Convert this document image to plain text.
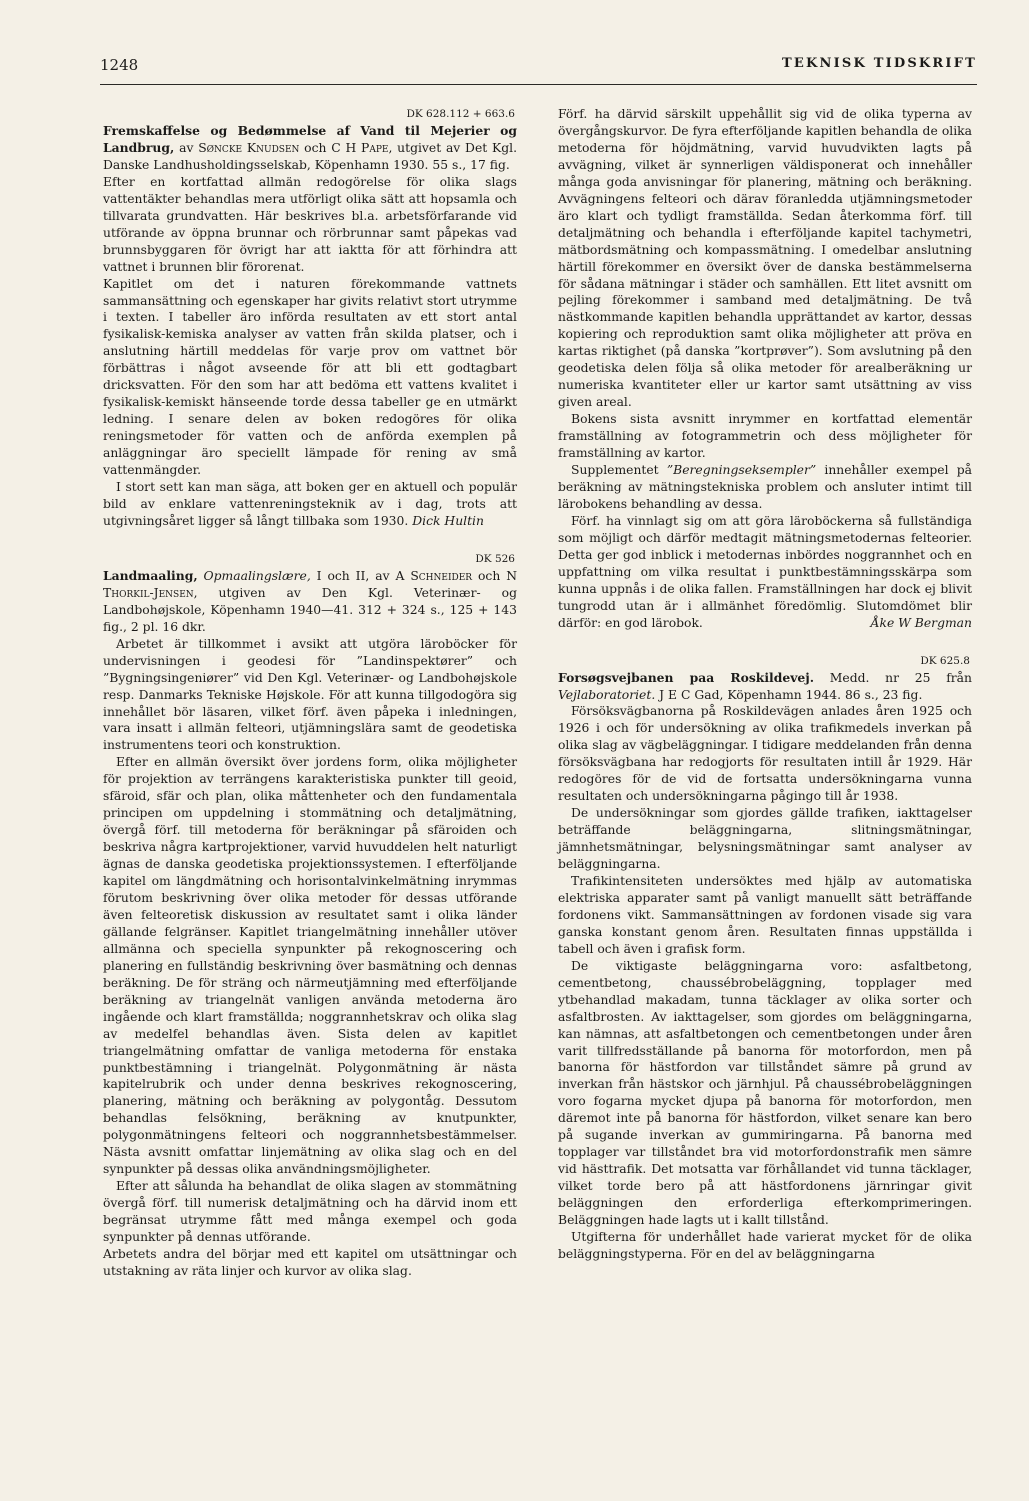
1248	TEKNISK TIDSKRIFT
DK 628.112 + 663.6

Fremskaffelse og Bedømmelse af Vand til Mejerier og Landbrug, av Søncke Knudsen och C H Pape, utgivet av Det Kgl. Danske Landhusholdingsselskab, Köpenhamn 1930. 55 s., 17 fig.

Efter en kortfattad allmän redogörelse för olika slags vattentäkter behandlas mera utförligt olika sätt att hopsamla och tillvarata grundvatten. Här beskrives bl.a. arbetsförfarande vid utförande av öppna brunnar och rörbrunnar samt påpekas vad brunnsbyggaren för övrigt har att iaktta för att förhindra att vattnet i brunnen blir förorenat.

Kapitlet om det i naturen förekommande vattnets sammansättning och egenskaper har givits relativt stort utrymme i texten. I tabeller äro införda resultaten av ett stort antal fysikalisk-kemiska analyser av vatten från skilda platser, och i anslutning härtill meddelas för varje prov om vattnet bör förbättras i något avseende för att bli ett godtagbart dricksvatten. För den som har att bedöma ett vattens kvalitet i fysikalisk-kemiskt hänseende torde dessa tabeller ge en utmärkt ledning. I senare delen av boken redogöres för olika reningsmetoder för vatten och de anförda exemplen på anläggningar äro speciellt lämpade för rening av små vattenmängder.

I stort sett kan man säga, att boken ger en aktuell och populär bild av enklare vattenreningsteknik av i dag, trots att utgivningsåret ligger så långt tillbaka som 1930. Dick Hultin

DK 526

Landmaaling, Opmaalingslære, I och II, av A Schneider och N Thorkil-Jensen, utgiven av Den Kgl. Veterinær- og Landbohøjskole, Köpenhamn 1940—41. 312 + 324 s., 125 + 143 fig., 2 pl. 16 dkr.

Arbetet är tillkommet i avsikt att utgöra läroböcker för undervisningen i geodesi för ”Landinspektører” och ”Bygningsingeniører” vid Den Kgl. Veterinær- og Landbohøjskole resp. Danmarks Tekniske Højskole. För att kunna tillgodogöra sig innehållet bör läsaren, vilket förf. även påpeka i inledningen, vara insatt i allmän felteori, utjämningslära samt de geodetiska instrumentens teori och konstruktion.

Efter en allmän översikt över jordens form, olika möjligheter för projektion av terrängens karakteristiska punkter till geoid, sfäroid, sfär och plan, olika måttenheter och den fundamentala principen om uppdelning i stommätning och detaljmätning, övergå förf. till metoderna för beräkningar på sfäroiden och beskriva några kartprojektioner, varvid huvuddelen helt naturligt ägnas de danska geodetiska projektionssystemen. I efterföljande kapitel om längdmätning och horisontalvinkelmätning inrymmas förutom beskrivning över olika metoder för dessas utförande även felteoretisk diskussion av resultatet samt i olika länder gällande felgränser. Kapitlet triangelmätning innehåller utöver allmänna och speciella synpunkter på rekognoscering och planering en fullständig beskrivning över basmätning och dennas beräkning. De för sträng och närmeutjämning med efterföljande beräkning av triangelnät vanligen använda metoderna äro ingående och klart framställda; noggrannhetskrav och olika slag av medelfel behandlas även. Sista delen av kapitlet triangelmätning omfattar de vanliga metoderna för enstaka punktbestämning i triangelnät. Polygonmätning är nästa kapitelrubrik och under denna beskrives rekognoscering, planering, mätning och beräkning av polygontåg. Dessutom behandlas felsökning, beräkning av knutpunkter, polygonmätningens felteori och noggrannhetsbestämmelser. Nästa avsnitt omfattar linjemätning av olika slag och en del synpunkter på dessas olika användningsmöjligheter.

Efter att sålunda ha behandlat de olika slagen av stommätning övergå förf. till numerisk detaljmätning och ha därvid inom ett begränsat utrymme fått med många exempel och goda synpunkter på dennas utförande.

Arbetets andra del börjar med ett kapitel om utsättningar och utstakning av räta linjer och kurvor av olika slag.

Förf. ha därvid särskilt uppehållit sig vid de olika typerna av övergångskurvor. De fyra efterföljande kapitlen behandla de olika metoderna för höjdmätning, varvid huvudvikten lagts på avvägning, vilket är synnerligen väldisponerat och innehåller många goda anvisningar för planering, mätning och beräkning. Avvägningens felteori och därav föranledda utjämningsmetoder äro klart och tydligt framställda. Sedan återkomma förf. till detaljmätning och behandla i efterföljande kapitel tachymetri, mätbordsmätning och kompassmätning. I omedelbar anslutning härtill förekommer en översikt över de danska bestämmelserna för sådana mätningar i städer och samhällen. Ett litet avsnitt om pejling förekommer i samband med detaljmätning. De två nästkommande kapitlen behandla upprättandet av kartor, dessas kopiering och reproduktion samt olika möjligheter att pröva en kartas riktighet (på danska ”kortprøver”). Som avslutning på den geodetiska delen följa så olika metoder för arealberäkning ur numeriska kvantiteter eller ur kartor samt utsättning av viss given areal.

Bokens sista avsnitt inrymmer en kortfattad elementär framställning av fotogrammetrin och dess möjligheter för framställning av kartor.

Supplementet ”Beregningseksempler” innehåller exempel på beräkning av mätningstekniska problem och ansluter intimt till lärobokens behandling av dessa.

Förf. ha vinnlagt sig om att göra läroböckerna så fullständiga som möjligt och därför medtagit mätningsmetodernas felteorier. Detta ger god inblick i metodernas inbördes noggrannhet och en uppfattning om vilka resultat i punktbestämningsskärpa som kunna uppnås i de olika fallen. Framställningen har dock ej blivit tungrodd utan är i allmänhet föredömlig. Slutomdömet blir därför: en god lärobok.	Åke W Bergman

DK 625.8

Forsøgsvejbanen paa Roskildevej. Medd. nr 25 från Vejlaboratoriet. J E C Gad, Köpenhamn 1944. 86 s., 23 fig.

Försöksvägbanorna på Roskildevägen anlades åren 1925 och 1926 i och för undersökning av olika trafikmedels inverkan på olika slag av vägbeläggningar. I tidigare meddelanden från denna försöksvägbana har redogjorts för resultaten intill år 1929. Här redogöres för de vid de fortsatta undersökningarna vunna resultaten och undersökningarna pågingo till år 1938.

De undersökningar som gjordes gällde trafiken, iakttagelser beträffande beläggningarna, slitningsmätningar, jämnhetsmätningar, belysningsmätningar samt analyser av beläggningarna.

Trafikintensiteten undersöktes med hjälp av automatiska elektriska apparater samt på vanligt manuellt sätt beträffande fordonens vikt. Sammansättningen av fordonen visade sig vara ganska konstant genom åren. Resultaten finnas uppställda i tabell och även i grafisk form.

De viktigaste beläggningarna voro: asfaltbetong, cementbetong, chaussébrobeläggning, topplager med ytbehandlad makadam, tunna täcklager av olika sorter och asfaltbrosten. Av iakttagelser, som gjordes om beläggningarna, kan nämnas, att asfaltbetongen och cementbetongen under åren varit tillfredsställande på banorna för motorfordon, men på banorna för hästfordon var tillståndet sämre på grund av inverkan från hästskor och järnhjul. På chaussébrobeläggningen voro fogarna mycket djupa på banorna för motorfordon, men däremot inte på banorna för hästfordon, vilket senare kan bero på sugande inverkan av gummiringarna. På banorna med topplager var tillståndet bra vid motorfordonstrafik men sämre vid hästtrafik. Det motsatta var förhållandet vid tunna täcklager, vilket torde bero på att hästfordonens järnringar givit beläggningen den erforderliga efterkomprimeringen. Beläggningen hade lagts ut i kallt tillstånd.

Utgifterna för underhållet hade varierat mycket för de olika beläggningstyperna. För en del av beläggningarna
